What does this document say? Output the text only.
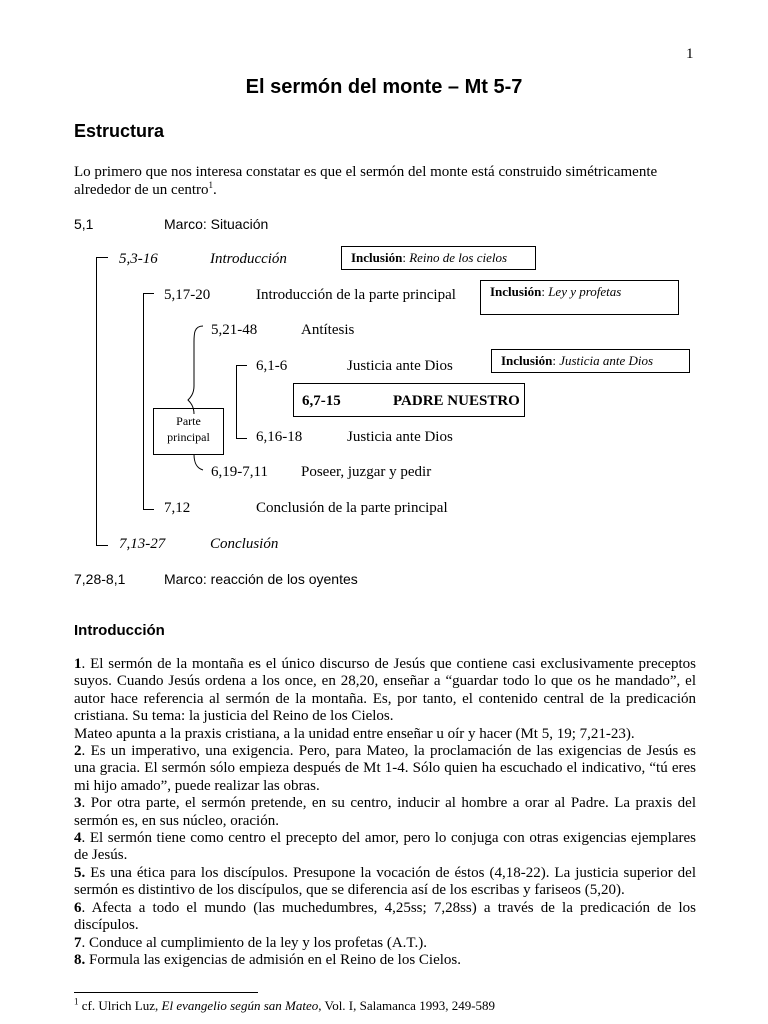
1
El sermón del monte – Mt 5-7
Estructura
Lo primero que nos interesa constatar es que el sermón del monte está construido simétricamente alrededor de un centro$^1$.
5,1	Marco: Situación
5,3-16	Introducción
5,17-20	Introducción de la parte principal
5,21-48	Antítesis
6,1-6	Justicia ante Dios
6,7-15	PADRE NUESTRO
6,16-18	Justicia ante Dios
6,19-7,11 Poseer, juzgar y pedir
7,12	Conclusión de la parte principal
7,13-27	Conclusión
Parte
principal
Inclusión: Reino de los cielos
Inclusión: Ley y profetas
Inclusión: Justicia ante Dios
7,28-8,1	Marco: reacción de los oyentes
Introducción

1. El sermón de la montaña es el único discurso de Jesús que contiene casi exclusivamente preceptos suyos. Cuando Jesús ordena a los once, en 28,20, enseñar a “guardar todo lo que os he mandado”, el autor hace referencia al sermón de la montaña. Es, por tanto, el contenido central de la predicación cristiana. Su tema: la justicia del Reino de los Cielos.

Mateo apunta a la praxis cristiana, a la unidad entre enseñar u oír y hacer (Mt 5, 19; 7,21-23).

2. Es un imperativo, una exigencia. Pero, para Mateo, la proclamación de las exigencias de Jesús es una gracia. El sermón sólo empieza después de Mt 1-4. Sólo quien ha escuchado el indicativo, “tú eres mi hijo amado”, puede realizar las obras.

3. Por otra parte, el sermón pretende, en su centro, inducir al hombre a orar al Padre. La praxis del sermón es, en sus núcleo, oración.

4. El sermón tiene como centro el precepto del amor, pero lo conjuga con otras exigencias ejemplares de Jesús.

5. Es una ética para los discípulos. Presupone la vocación de éstos (4,18-22). La justicia superior del sermón es distintivo de los discípulos, que se diferencia así de los escribas y fariseos (5,20).

6. Afecta a todo el mundo (las muchedumbres, 4,25ss; 7,28ss) a través de la predicación de los discípulos.

7. Conduce al cumplimiento de la ley y los profetas (A.T.).

8. Formula las exigencias de admisión en el Reino de los Cielos.

$^1$ cf. Ulrich Luz, El evangelio según san Mateo, Vol. I, Salamanca 1993, 249-589
